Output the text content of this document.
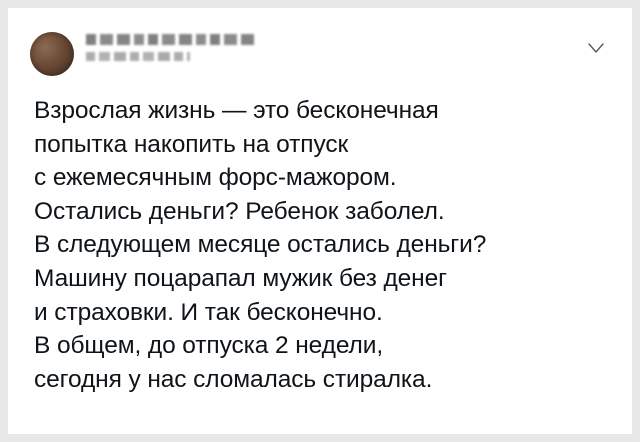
Взрослая жизнь — это бесконечная
попытка накопить на отпуск
с ежемесячным форс-мажором.
Остались деньги? Ребенок заболел.
В следующем месяце остались деньги?
Машину поцарапал мужик без денег
и страховки. И так бесконечно.
В общем, до отпуска 2 недели,
сегодня у нас сломалась стиралка.
